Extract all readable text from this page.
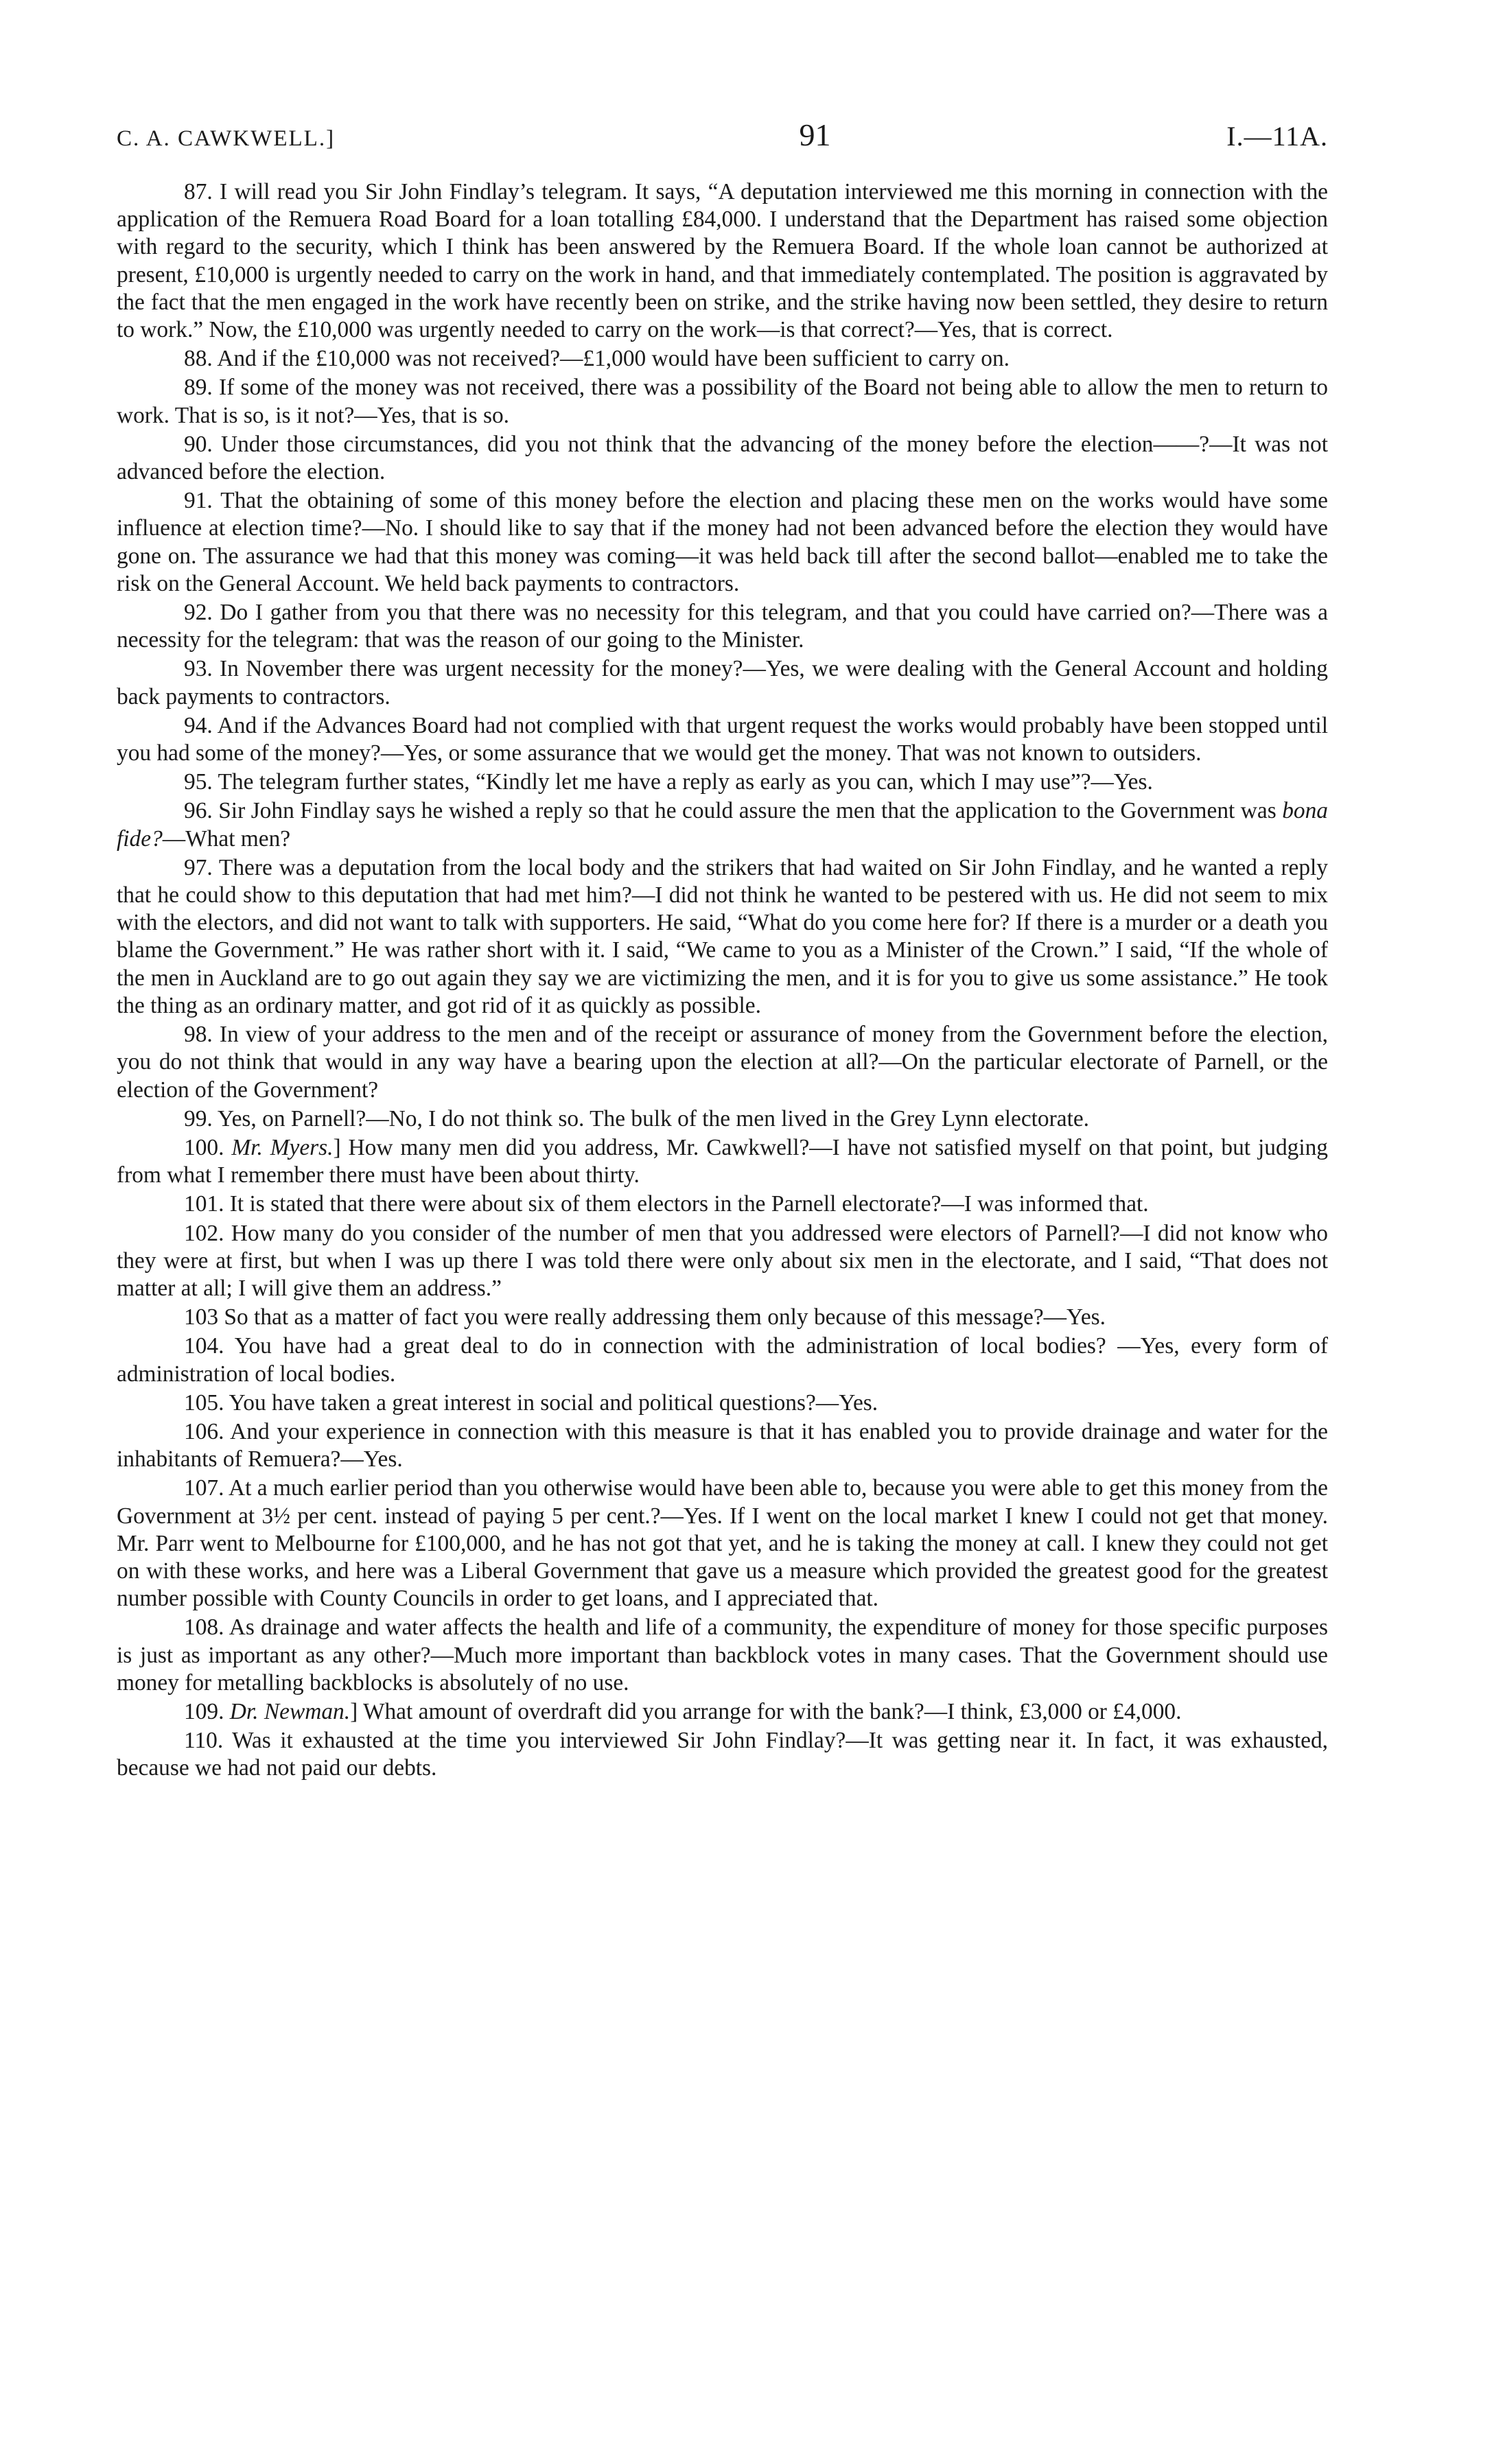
C. A. CAWKWELL.]	91	I.—11A.

87. I will read you Sir John Findlay’s telegram. It says, “A deputation interviewed me this morning in connection with the application of the Remuera Road Board for a loan totalling £84,000. I understand that the Department has raised some objection with regard to the security, which I think has been answered by the Remuera Board. If the whole loan cannot be authorized at present, £10,000 is urgently needed to carry on the work in hand, and that immediately contemplated. The position is aggravated by the fact that the men engaged in the work have recently been on strike, and the strike having now been settled, they desire to return to work.” Now, the £10,000 was urgently needed to carry on the work—is that correct?—Yes, that is correct.

88. And if the £10,000 was not received?—£1,000 would have been sufficient to carry on.

89. If some of the money was not received, there was a possibility of the Board not being able to allow the men to return to work. That is so, is it not?—Yes, that is so.

90. Under those circumstances, did you not think that the advancing of the money before the election——?—It was not advanced before the election.

91. That the obtaining of some of this money before the election and placing these men on the works would have some influence at election time?—No. I should like to say that if the money had not been advanced before the election they would have gone on. The assurance we had that this money was coming—it was held back till after the second ballot—enabled me to take the risk on the General Account. We held back payments to contractors.

92. Do I gather from you that there was no necessity for this telegram, and that you could have carried on?—There was a necessity for the telegram: that was the reason of our going to the Minister.

93. In November there was urgent necessity for the money?—Yes, we were dealing with the General Account and holding back payments to contractors.

94. And if the Advances Board had not complied with that urgent request the works would probably have been stopped until you had some of the money?—Yes, or some assurance that we would get the money. That was not known to outsiders.

95. The telegram further states, “Kindly let me have a reply as early as you can, which I may use”?—Yes.

96. Sir John Findlay says he wished a reply so that he could assure the men that the application to the Government was bona fide?—What men?

97. There was a deputation from the local body and the strikers that had waited on Sir John Findlay, and he wanted a reply that he could show to this deputation that had met him?—I did not think he wanted to be pestered with us. He did not seem to mix with the electors, and did not want to talk with supporters. He said, “What do you come here for? If there is a murder or a death you blame the Government.” He was rather short with it. I said, “We came to you as a Minister of the Crown.” I said, “If the whole of the men in Auckland are to go out again they say we are victimizing the men, and it is for you to give us some assistance.” He took the thing as an ordinary matter, and got rid of it as quickly as possible.

98. In view of your address to the men and of the receipt or assurance of money from the Government before the election, you do not think that would in any way have a bearing upon the election at all?—On the particular electorate of Parnell, or the election of the Government?

99. Yes, on Parnell?—No, I do not think so. The bulk of the men lived in the Grey Lynn electorate.

100. Mr. Myers.] How many men did you address, Mr. Cawkwell?—I have not satisfied myself on that point, but judging from what I remember there must have been about thirty.

101. It is stated that there were about six of them electors in the Parnell electorate?—I was informed that.

102. How many do you consider of the number of men that you addressed were electors of Parnell?—I did not know who they were at first, but when I was up there I was told there were only about six men in the electorate, and I said, “That does not matter at all; I will give them an address.”

103 So that as a matter of fact you were really addressing them only because of this message?—Yes.

104. You have had a great deal to do in connection with the administration of local bodies? —Yes, every form of administration of local bodies.

105. You have taken a great interest in social and political questions?—Yes.

106. And your experience in connection with this measure is that it has enabled you to provide drainage and water for the inhabitants of Remuera?—Yes.

107. At a much earlier period than you otherwise would have been able to, because you were able to get this money from the Government at 3½ per cent. instead of paying 5 per cent.?—Yes. If I went on the local market I knew I could not get that money. Mr. Parr went to Melbourne for £100,000, and he has not got that yet, and he is taking the money at call. I knew they could not get on with these works, and here was a Liberal Government that gave us a measure which provided the greatest good for the greatest number possible with County Councils in order to get loans, and I appreciated that.

108. As drainage and water affects the health and life of a community, the expenditure of money for those specific purposes is just as important as any other?—Much more important than backblock votes in many cases. That the Government should use money for metalling backblocks is absolutely of no use.

109. Dr. Newman.] What amount of overdraft did you arrange for with the bank?—I think, £3,000 or £4,000.

110. Was it exhausted at the time you interviewed Sir John Findlay?—It was getting near it. In fact, it was exhausted, because we had not paid our debts.
